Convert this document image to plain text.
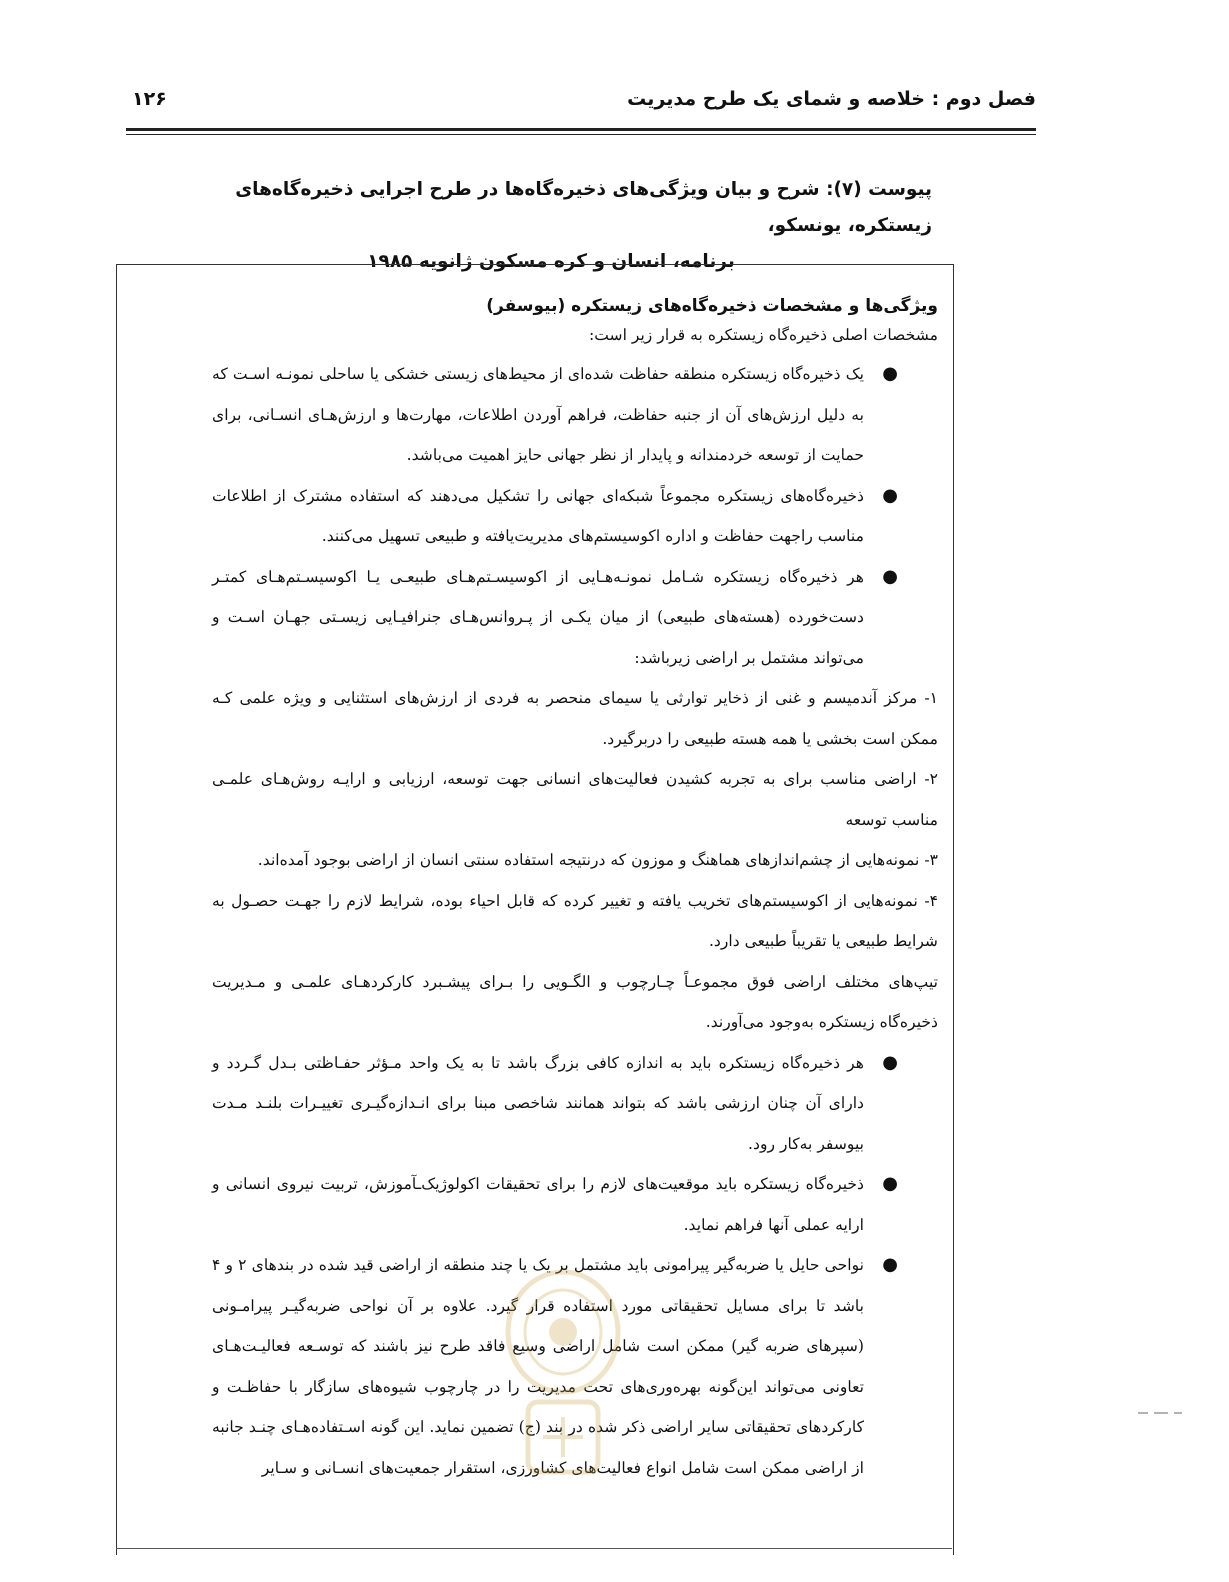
فصل دوم : خلاصه و شمای یک طرح مدیریت
۱۲۶
پیوست (۷): شرح و بیان ویژگی‌های ذخیره‌گاه‌ها در طرح اجرایی ذخیره‌گاه‌های زیستکره، یونسکو،
برنامه، انسان و کره مسکون ژانویه ۱۹۸۵
ویژگی‌ها و مشخصات ذخیره‌گاه‌های زیستکره (بیوسفر)

مشخصات اصلی ذخیره‌گاه زیستکره به قرار زیر است:

●
یک ذخیره‌گاه زیستکره منطقه حفاظت شده‌ای از محیط‌های زیستی خشکی یا ساحلی نمونـه اسـت که به دلیل ارزش‌های آن از جنبه حفاظت، فراهم آوردن اطلاعات، مهارت‌ها و ارزش‌هـای انسـانی، برای حمایت از توسعه خردمندانه و پایدار از نظر جهانی حایز اهمیت می‌باشد.
●
ذخیره‌گاه‌های زیستکره مجموعاً شبکه‌ای جهانی را تشکیل می‌دهند که استفاده مشترک از اطلاعات مناسب راجهت حفاظت و اداره اکوسیستم‌های مدیریت‌یافته و طبیعی تسهیل می‌کنند.
●
هر ذخیره‌گاه زیستکره شـامل نمونـه‌هـایی از اکوسیسـتم‌هـای طبیعـی یـا اکوسیسـتم‌هـای کمتـر دست‌خورده (هسته‌های طبیعی) از میان یکـی از پـروانس‌هـای جنرافیـایی زیسـتی جهـان اسـت و می‌تواند مشتمل بر اراضی زیرباشد:

۱- مرکز آندمیسم و غنی از ذخایر توارثی یا سیمای منحصر به فردی از ارزش‌های استثنایی و ویژه علمی کـه ممکن است بخشی یا همه هسته طبیعی را دربرگیرد.

۲- اراضی مناسب برای به تجربه کشیدن فعالیت‌های انسانی جهت توسعه، ارزیابی و ارایـه روش‌هـای علمـی مناسب توسعه

۳- نمونه‌هایی از چشم‌اندازهای هماهنگ و موزون که درنتیجه استفاده سنتی انسان از اراضی بوجود آمده‌اند.

۴- نمونه‌هایی از اکوسیستم‌های تخریب یافته و تغییر کرده که قابل احیاء بوده، شرایط لازم را جهـت حصـول به شرایط طبیعی یا تقریباً طبیعی دارد.

تیپ‌های مختلف اراضی فوق مجموعـاً چـارچوب و الگـویی را بـرای پیشـبرد کارکردهـای علمـی و مـدیریت ذخیره‌گاه زیستکره به‌وجود می‌آورند.

●
هر ذخیره‌گاه زیستکره باید به اندازه کافی بزرگ باشد تا به یک واحد مـؤثر حفـاظتی بـدل گـردد و دارای آن چنان ارزشی باشد که بتواند همانند شاخصی مبنا برای انـدازه‌گیـری تغییـرات بلنـد مـدت بیوسفر به‌کار رود.
●
ذخیره‌گاه زیستکره باید موقعیت‌های لازم را برای تحقیقات اکولوژیک‌ـآموزش، تربیت نیروی انسانی و ارایه عملی آنها فراهم نماید.
●
نواحی حایل یا ضربه‌گیر پیرامونی باید مشتمل بر یک یا چند منطقه از اراضی قید شده در بندهای ۲ و ۴ باشد تا برای مسایل تحقیقاتی مورد استفاده قرار گیرد. علاوه بر آن نواحی ضربه‌گیـر پیرامـونی (سپرهای ضربه گیر) ممکن است شامل اراضی وسیع فاقد طرح نیز باشند که توسـعه فعالیـت‌هـای تعاونی می‌تواند این‌گونه بهره‌وری‌های تحت مدیریت را در چارچوب شیوه‌های سازگار با حفاظـت و کارکردهای تحقیقاتی سایر اراضی ذکر شده در بند (ج) تضمین نماید. این گونه اسـتفاده‌هـای چنـد جانبه از اراضی ممکن است شامل انواع فعالیت‌های کشاورزی، استقرار جمعیت‌های انسـانی و سـایر
